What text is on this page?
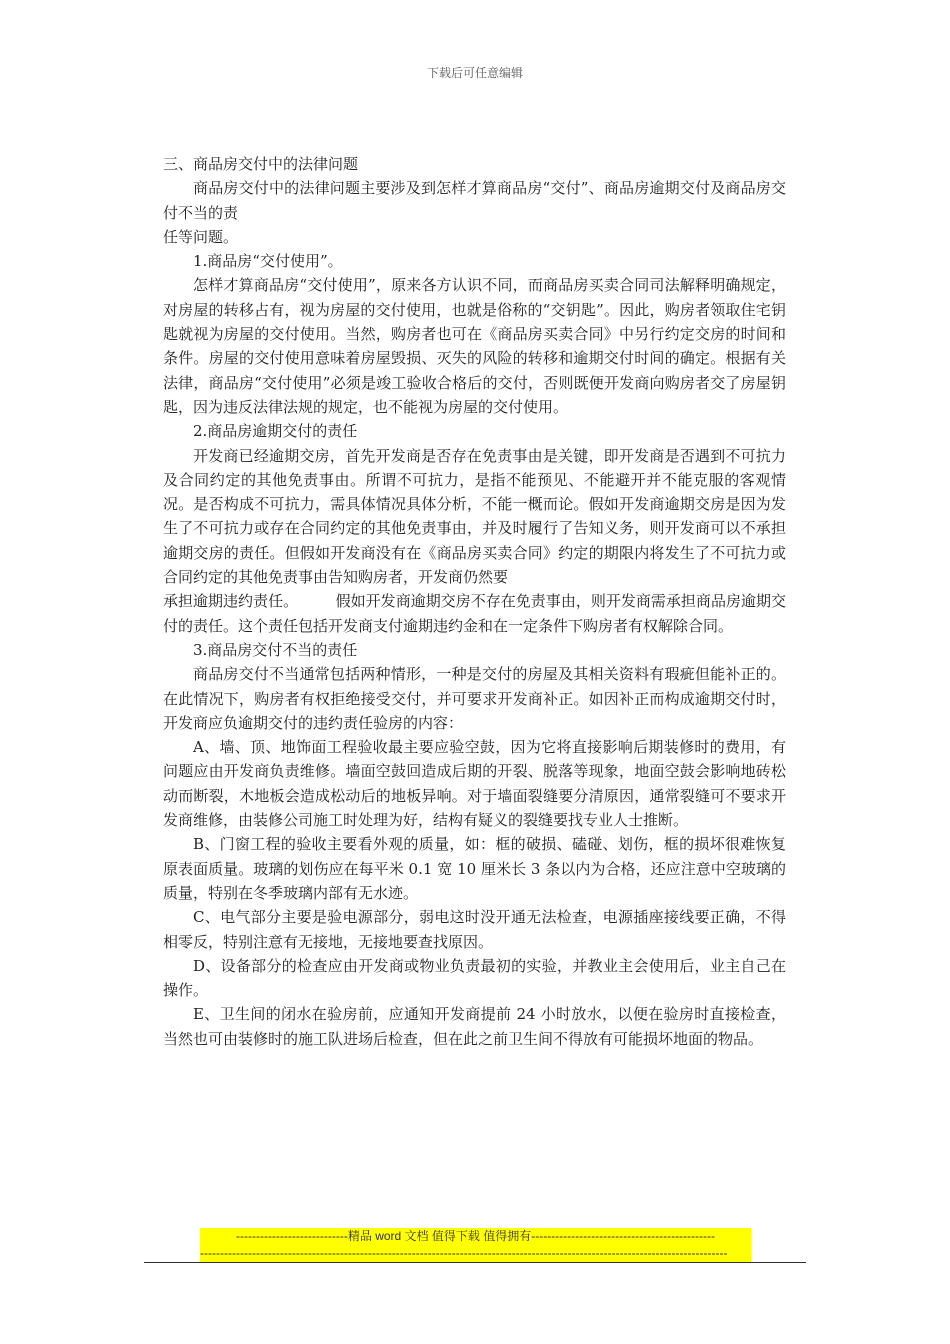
下载后可任意编辑

三、商品房交付中的法律问题

商品房交付中的法律问题主要涉及到怎样才算商品房“交付”、商品房逾期交付及商品房交付不当的责

任等问题。

1.商品房“交付使用”。

怎样才算商品房“交付使用”，原来各方认识不同，而商品房买卖合同司法解释明确规定，对房屋的转移占有，视为房屋的交付使用，也就是俗称的“交钥匙”。因此，购房者领取住宅钥匙就视为房屋的交付使用。当然，购房者也可在《商品房买卖合同》中另行约定交房的时间和条件。房屋的交付使用意味着房屋毁损、灭失的风险的转移和逾期交付时间的确定。根据有关法律，商品房“交付使用”必须是竣工验收合格后的交付，否则既便开发商向购房者交了房屋钥匙，因为违反法律法规的规定，也不能视为房屋的交付使用。

2.商品房逾期交付的责任

开发商已经逾期交房，首先开发商是否存在免责事由是关键，即开发商是否遇到不可抗力及合同约定的其他免责事由。所谓不可抗力，是指不能预见、不能避开并不能克服的客观情况。是否构成不可抗力，需具体情况具体分析，不能一概而论。假如开发商逾期交房是因为发生了不可抗力或存在合同约定的其他免责事由，并及时履行了告知义务，则开发商可以不承担逾期交房的责任。但假如开发商没有在《商品房买卖合同》约定的期限内将发生了不可抗力或合同约定的其他免责事由告知购房者，开发商仍然要

承担逾期违约责任。　　　假如开发商逾期交房不存在免责事由，则开发商需承担商品房逾期交付的责任。这个责任包括开发商支付逾期违约金和在一定条件下购房者有权解除合同。

3.商品房交付不当的责任

商品房交付不当通常包括两种情形，一种是交付的房屋及其相关资料有瑕疵但能补正的。在此情况下，购房者有权拒绝接受交付，并可要求开发商补正。如因补正而构成逾期交付时，开发商应负逾期交付的违约责任验房的内容：

A、墙、顶、地饰面工程验收最主要应验空鼓，因为它将直接影响后期装修时的费用，有问题应由开发商负责维修。墙面空鼓回造成后期的开裂、脱落等现象，地面空鼓会影响地砖松动而断裂，木地板会造成松动后的地板异响。对于墙面裂缝要分清原因，通常裂缝可不要求开发商维修，由装修公司施工时处理为好，结构有疑义的裂缝要找专业人士推断。

B、门窗工程的验收主要看外观的质量，如：框的破损、磕碰、划伤，框的损坏很难恢复原表面质量。玻璃的划伤应在每平米 0.1 宽 10 厘米长 3 条以内为合格，还应注意中空玻璃的质量，特别在冬季玻璃内部有无水迹。

C、电气部分主要是验电源部分，弱电这时没开通无法检查，电源插座接线要正确，不得相零反，特别注意有无接地，无接地要查找原因。

D、设备部分的检查应由开发商或物业负责最初的实验，并教业主会使用后，业主自己在操作。

E、卫生间的闭水在验房前，应通知开发商提前 24 小时放水，以便在验房时直接检查，当然也可由装修时的施工队进场后检查，但在此之前卫生间不得放有可能损坏地面的物品。

----------------------------精品 word 文档 值得下载 值得拥有----------------------------------------------
------------------------------------------------------------------------------------------------------------------------------------
